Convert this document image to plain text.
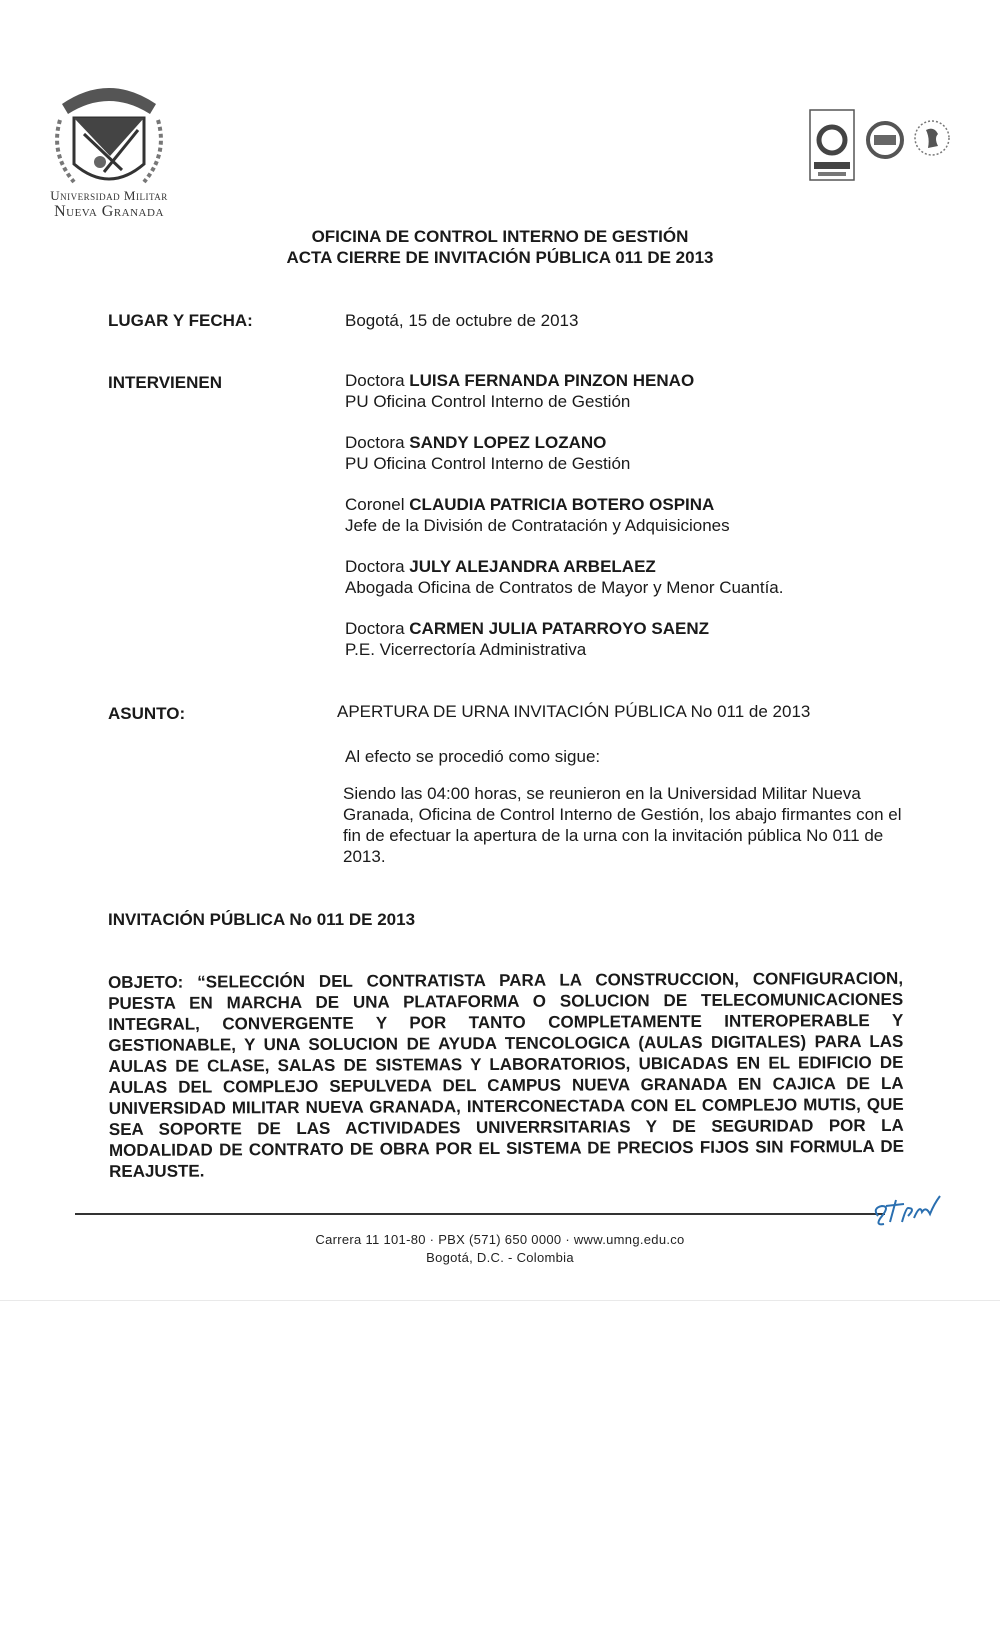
Universidad Militar
Nueva Granada
OFICINA DE CONTROL INTERNO DE GESTIÓN
ACTA CIERRE DE INVITACIÓN PÚBLICA 011 DE 2013
LUGAR Y FECHA:	Bogotá, 15 de octubre de 2013
INTERVIENEN	Doctora LUISA FERNANDA PINZON HENAO
PU Oficina Control Interno de Gestión
Doctora SANDY LOPEZ LOZANO
PU Oficina Control Interno de Gestión
Coronel CLAUDIA PATRICIA BOTERO OSPINA
Jefe de la División de Contratación y Adquisiciones
Doctora JULY ALEJANDRA ARBELAEZ
Abogada Oficina de Contratos de Mayor y Menor Cuantía.
Doctora CARMEN JULIA PATARROYO SAENZ
P.E. Vicerrectoría Administrativa
ASUNTO:	APERTURA DE URNA INVITACIÓN PÚBLICA No 011 de 2013
Al efecto se procedió como sigue:
Siendo las 04:00 horas, se reunieron en la Universidad Militar Nueva Granada, Oficina de Control Interno de Gestión, los abajo firmantes con el fin de efectuar la apertura de la urna con la invitación pública No 011 de 2013.
INVITACIÓN PÚBLICA No 011 DE 2013
OBJETO: “SELECCIÓN DEL CONTRATISTA PARA LA CONSTRUCCION, CONFIGURACION, PUESTA EN MARCHA DE UNA PLATAFORMA O SOLUCION DE TELECOMUNICACIONES INTEGRAL, CONVERGENTE Y POR TANTO COMPLETAMENTE INTEROPERABLE Y GESTIONABLE, Y UNA SOLUCION DE AYUDA TENCOLOGICA (AULAS DIGITALES) PARA LAS AULAS DE CLASE, SALAS DE SISTEMAS Y LABORATORIOS, UBICADAS EN EL EDIFICIO DE AULAS DEL COMPLEJO SEPULVEDA DEL CAMPUS NUEVA GRANADA EN CAJICA DE LA UNIVERSIDAD MILITAR NUEVA GRANADA, INTERCONECTADA CON EL COMPLEJO MUTIS, QUE SEA SOPORTE DE LAS ACTIVIDADES UNIVERRSITARIAS Y DE SEGURIDAD POR LA MODALIDAD DE CONTRATO DE OBRA POR EL SISTEMA DE PRECIOS FIJOS SIN FORMULA DE REAJUSTE.
Carrera 11 101-80 · PBX (571) 650 0000 · www.umng.edu.co
Bogotá, D.C. - Colombia
